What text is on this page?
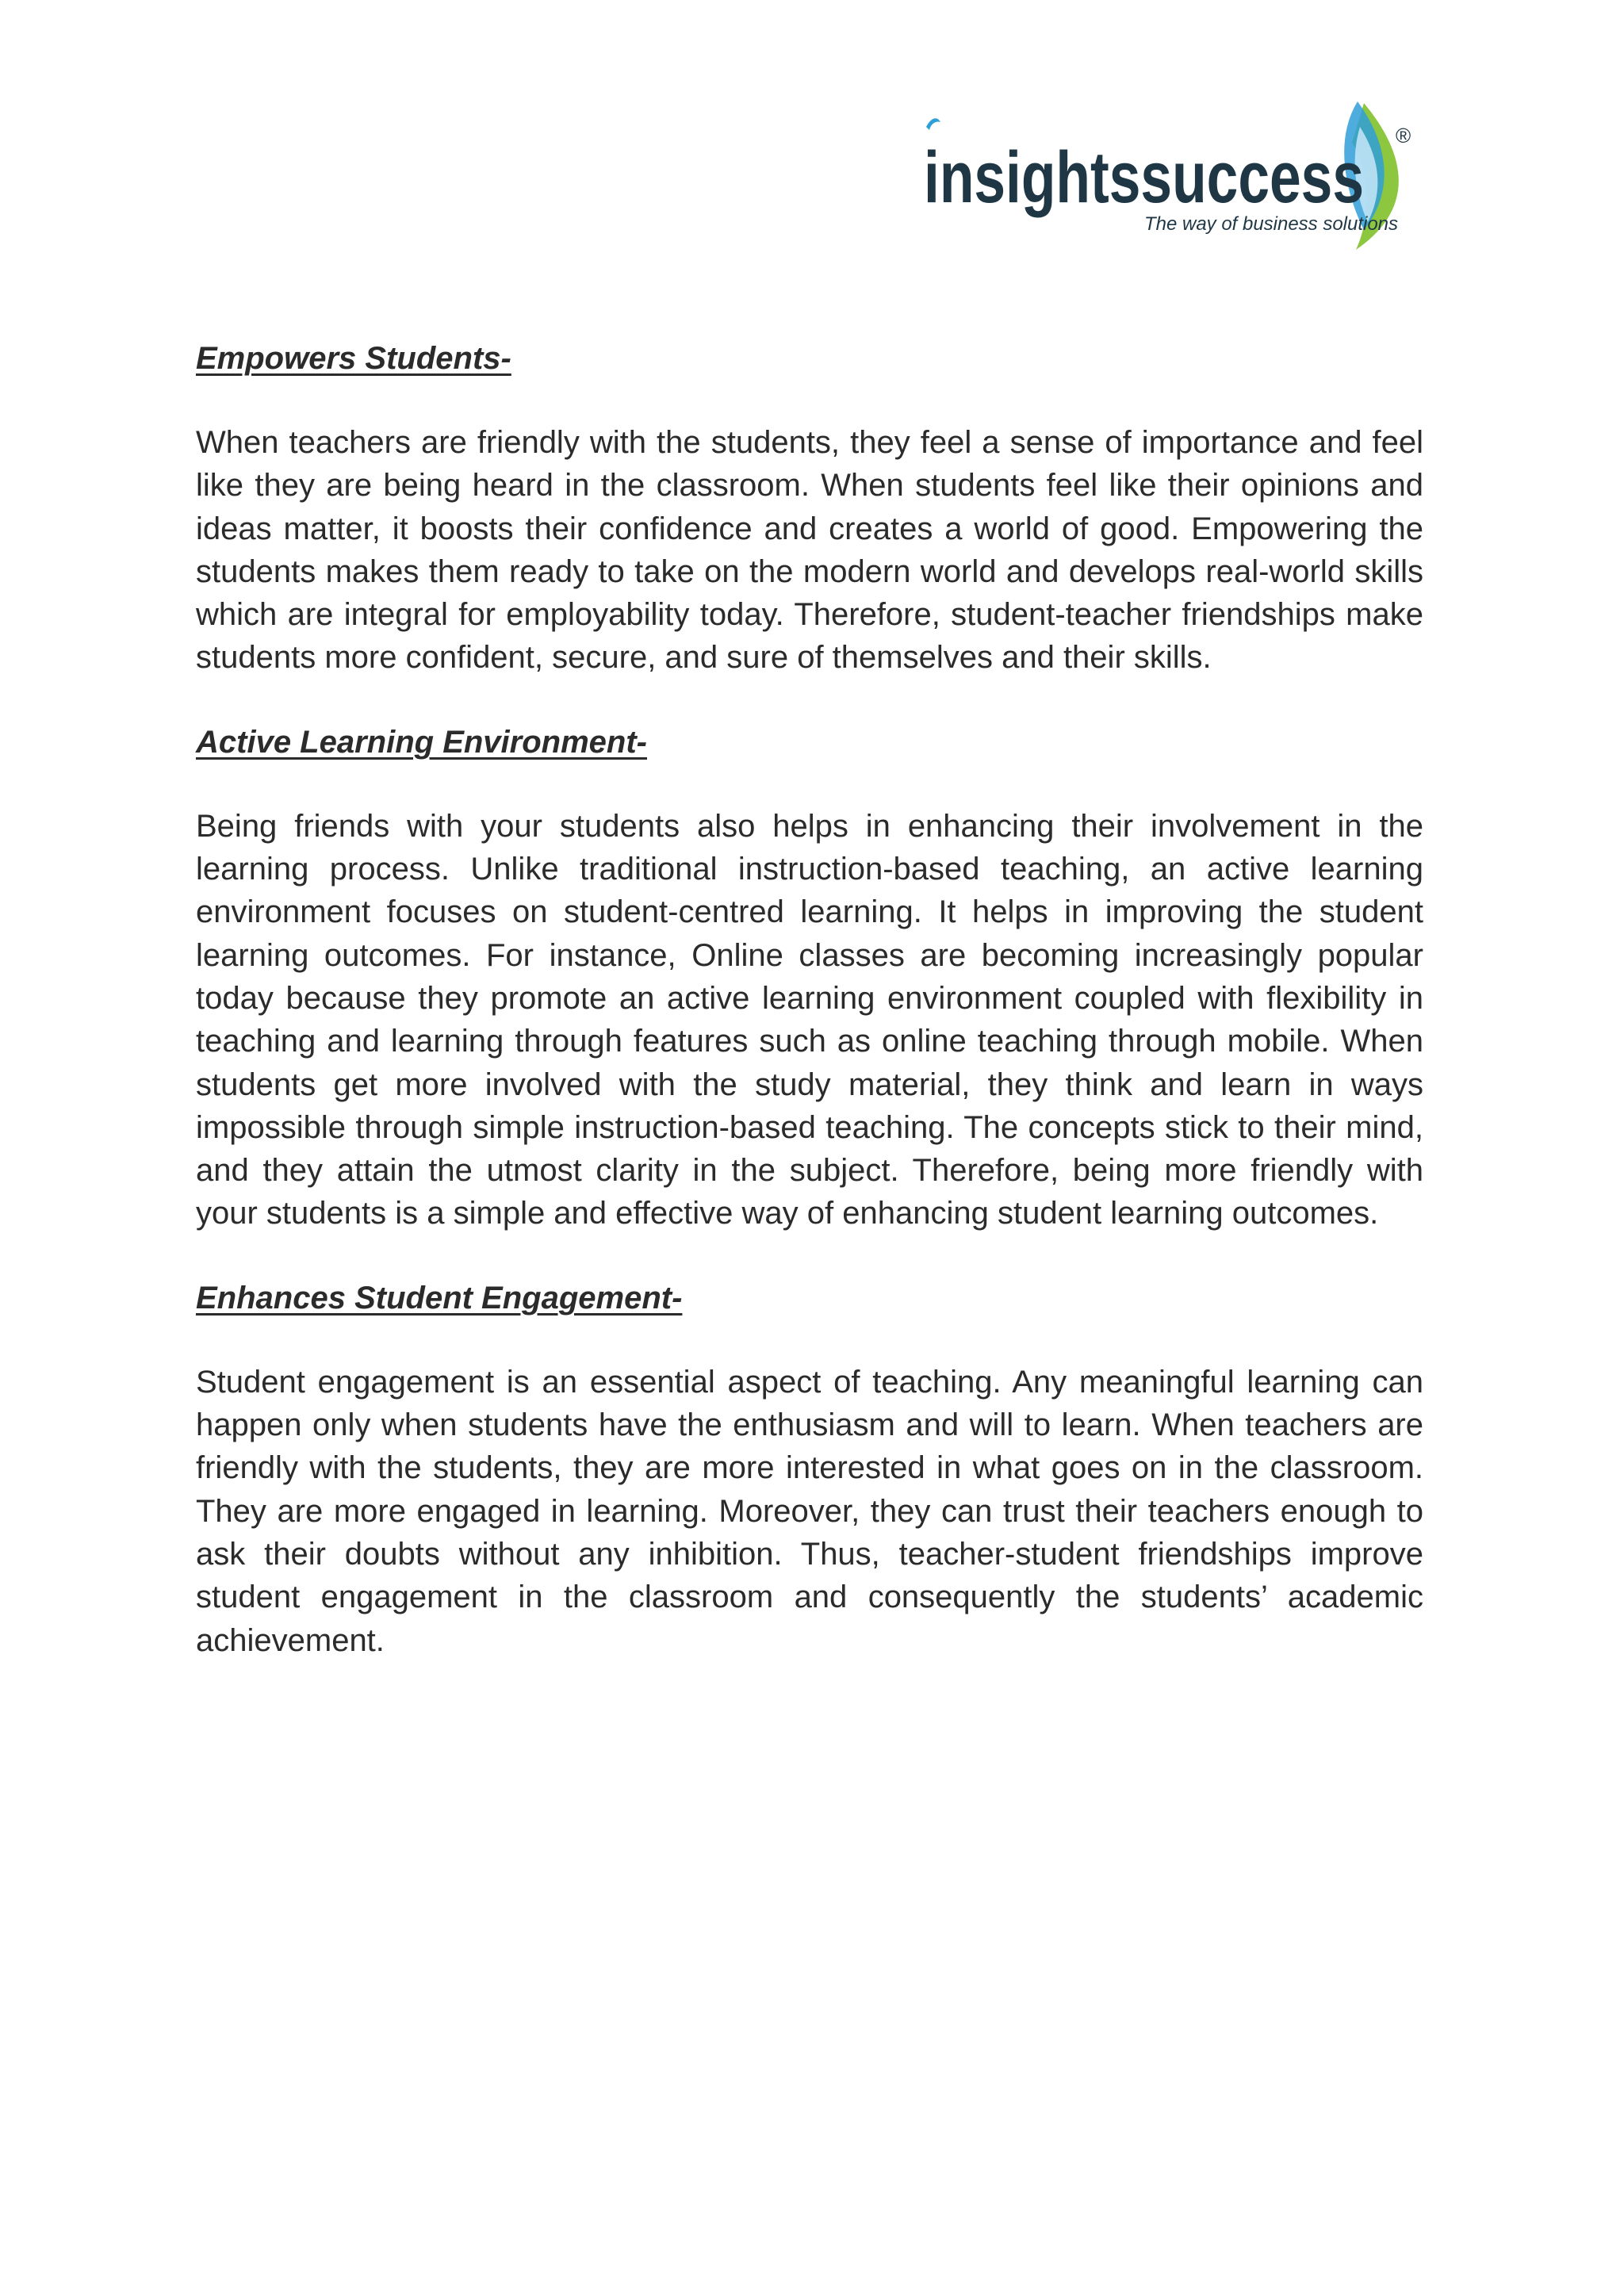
insightssuccess
®
The way of business solutions
Empowers Students-

When teachers are friendly with the students, they feel a sense of importance and feel like they are being heard in the classroom. When students feel like their opinions and ideas matter, it boosts their confidence and creates a world of good. Empowering the students makes them ready to take on the modern world and develops real-world skills which are integral for employability today. Therefore, student-teacher friendships make students more confident, secure, and sure of themselves and their skills.

Active Learning Environment-

Being friends with your students also helps in enhancing their involvement in the learning process. Unlike traditional instruction-based teaching, an active learning environment focuses on student-centred learning. It helps in improving the student learning outcomes. For instance, Online classes are becoming increasingly popular today because they promote an active learning environment coupled with flexibility in teaching and learning through features such as online teaching through mobile. When students get more involved with the study material, they think and learn in ways impossible through simple instruction-based teaching. The concepts stick to their mind, and they attain the utmost clarity in the subject. Therefore, being more friendly with your students is a simple and effective way of enhancing student learning outcomes.

Enhances Student Engagement-

Student engagement is an essential aspect of teaching. Any meaningful learning can happen only when students have the enthusiasm and will to learn. When teachers are friendly with the students, they are more interested in what goes on in the classroom. They are more engaged in learning. Moreover, they can trust their teachers enough to ask their doubts without any inhibition. Thus, teacher-student friendships improve student engagement in the classroom and consequently the students’ academic achievement.
